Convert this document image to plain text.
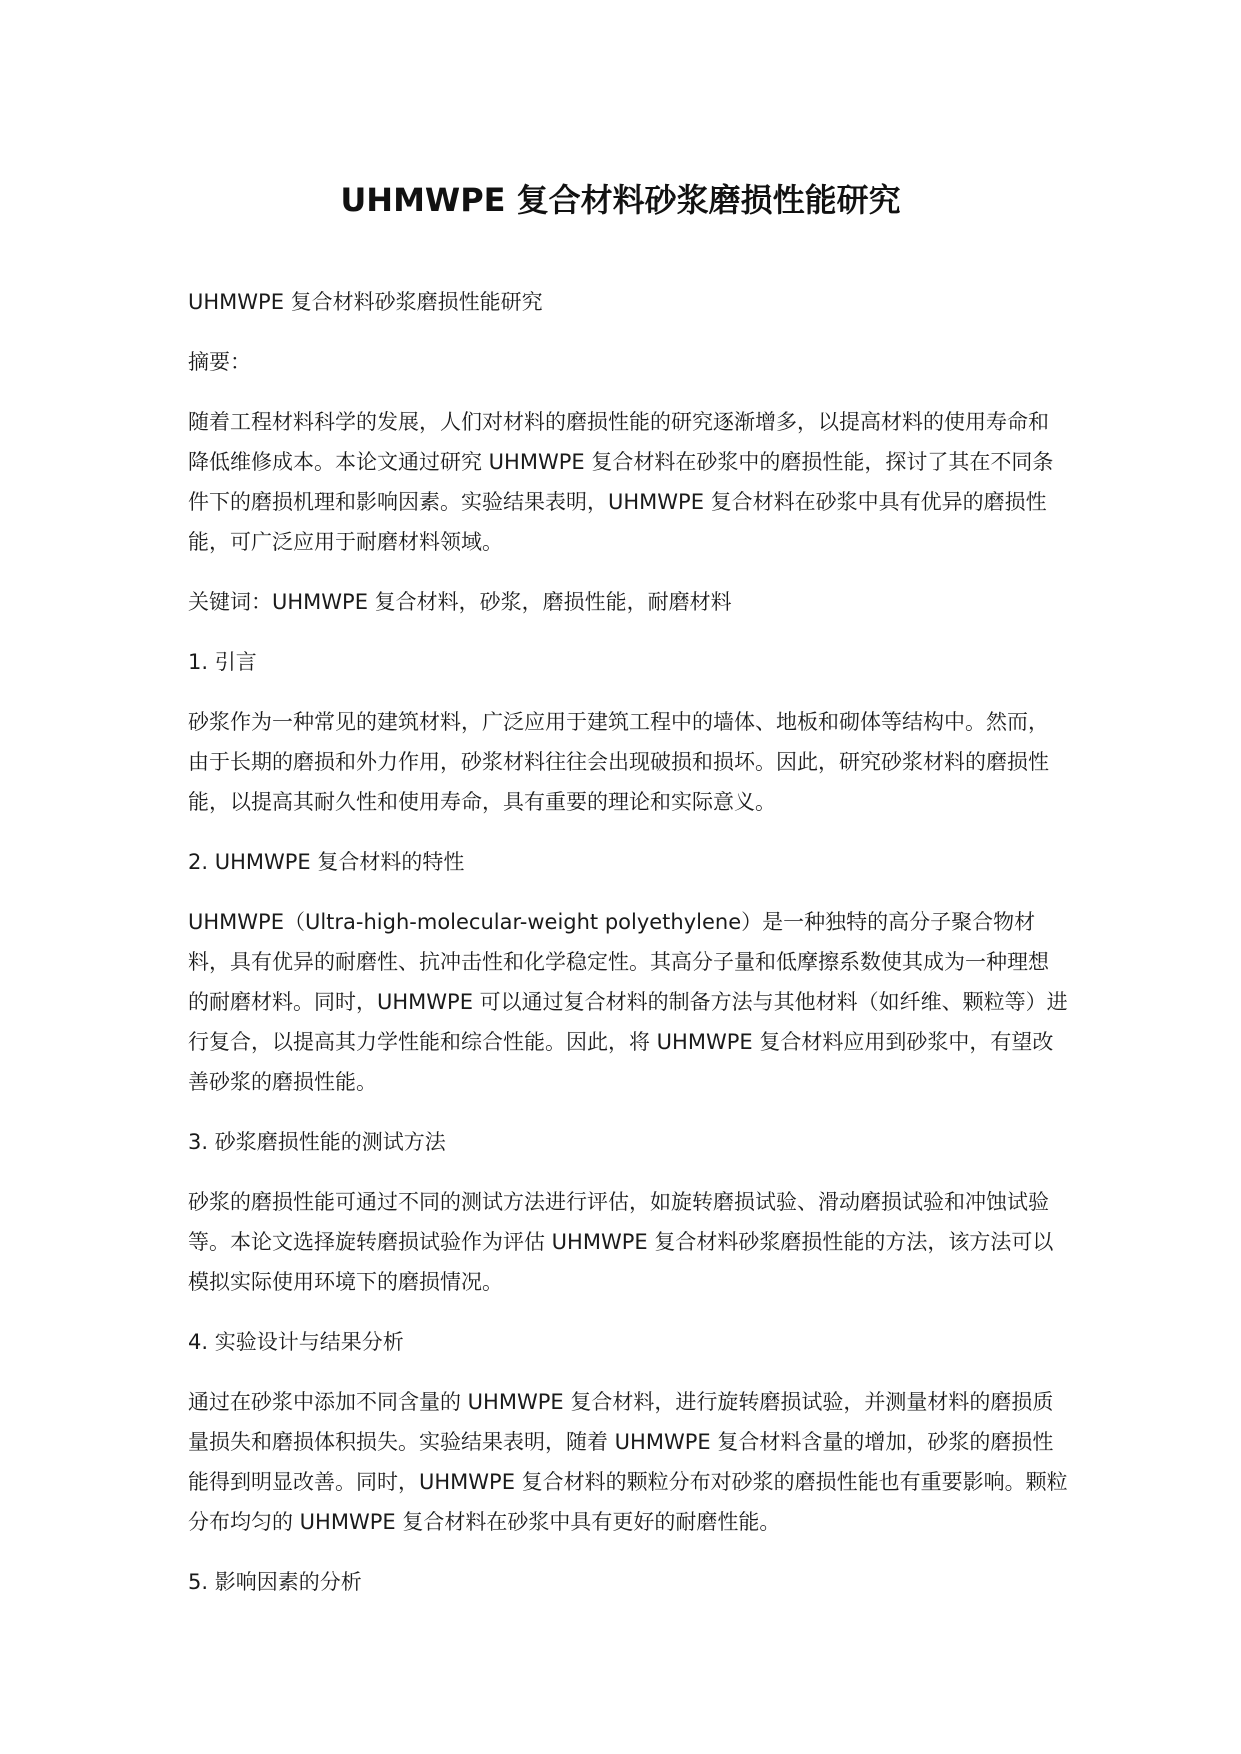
UHMWPE 复合材料砂浆磨损性能研究

UHMWPE 复合材料砂浆磨损性能研究

摘要：

随着工程材料科学的发展，人们对材料的磨损性能的研究逐渐增多，以提高材料的使用寿命和降低维修成本。本论文通过研究 UHMWPE 复合材料在砂浆中的磨损性能，探讨了其在不同条件下的磨损机理和影响因素。实验结果表明，UHMWPE 复合材料在砂浆中具有优异的磨损性能，可广泛应用于耐磨材料领域。

关键词：UHMWPE 复合材料，砂浆，磨损性能，耐磨材料

1. 引言

砂浆作为一种常见的建筑材料，广泛应用于建筑工程中的墙体、地板和砌体等结构中。然而，由于长期的磨损和外力作用，砂浆材料往往会出现破损和损坏。因此，研究砂浆材料的磨损性能，以提高其耐久性和使用寿命，具有重要的理论和实际意义。

2. UHMWPE 复合材料的特性

UHMWPE（Ultra-high-molecular-weight polyethylene）是一种独特的高分子聚合物材料，具有优异的耐磨性、抗冲击性和化学稳定性。其高分子量和低摩擦系数使其成为一种理想的耐磨材料。同时，UHMWPE 可以通过复合材料的制备方法与其他材料（如纤维、颗粒等）进行复合，以提高其力学性能和综合性能。因此，将 UHMWPE 复合材料应用到砂浆中，有望改善砂浆的磨损性能。

3. 砂浆磨损性能的测试方法

砂浆的磨损性能可通过不同的测试方法进行评估，如旋转磨损试验、滑动磨损试验和冲蚀试验等。本论文选择旋转磨损试验作为评估 UHMWPE 复合材料砂浆磨损性能的方法，该方法可以模拟实际使用环境下的磨损情况。

4. 实验设计与结果分析

通过在砂浆中添加不同含量的 UHMWPE 复合材料，进行旋转磨损试验，并测量材料的磨损质量损失和磨损体积损失。实验结果表明，随着 UHMWPE 复合材料含量的增加，砂浆的磨损性能得到明显改善。同时，UHMWPE 复合材料的颗粒分布对砂浆的磨损性能也有重要影响。颗粒分布均匀的 UHMWPE 复合材料在砂浆中具有更好的耐磨性能。

5. 影响因素的分析
